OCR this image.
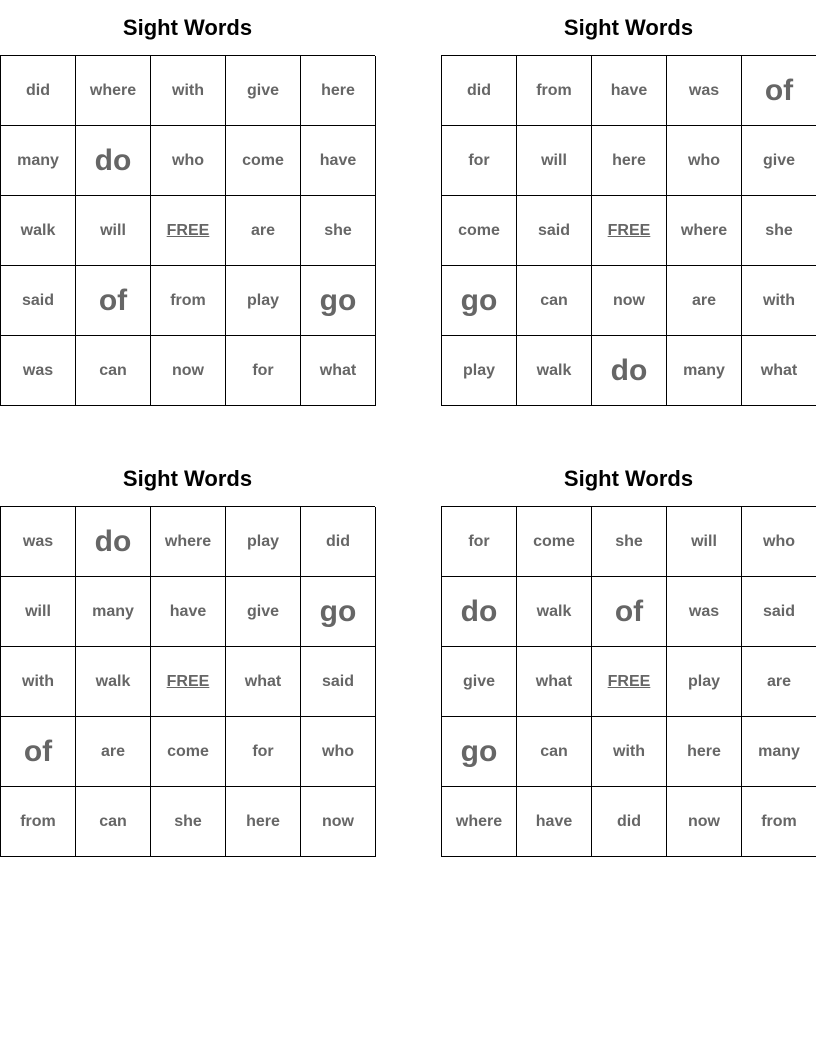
Sight Words
did	where	with	give	here
many	do	who	come	have
walk	will	FREE	are	she
said	of	from	play	go
was	can	now	for	what
Sight Words
did	from	have	was	of
for	will	here	who	give
come	said	FREE	where	she
go	can	now	are	with
play	walk	do	many	what
Sight Words
was	do	where	play	did
will	many	have	give	go
with	walk	FREE	what	said
of	are	come	for	who
from	can	she	here	now
Sight Words
for	come	she	will	who
do	walk	of	was	said
give	what	FREE	play	are
go	can	with	here	many
where	have	did	now	from
